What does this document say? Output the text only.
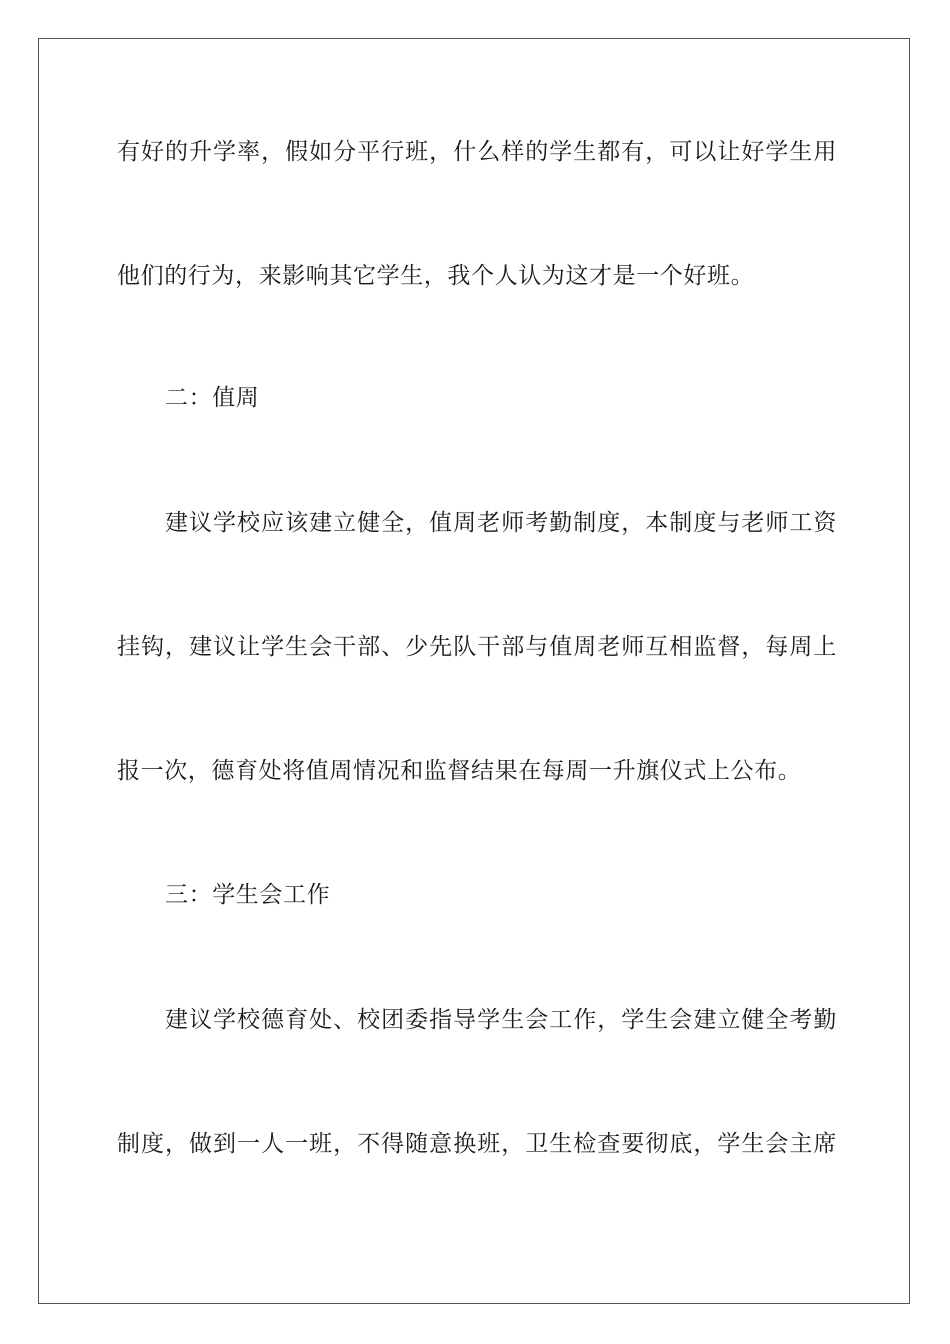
有好的升学率，假如分平行班，什么样的学生都有，可以让好学生用
他们的行为，来影响其它学生，我个人认为这才是一个好班。
二：值周
建议学校应该建立健全，值周老师考勤制度，本制度与老师工资
挂钩，建议让学生会干部、少先队干部与值周老师互相监督，每周上
报一次，德育处将值周情况和监督结果在每周一升旗仪式上公布。
三：学生会工作
建议学校德育处、校团委指导学生会工作，学生会建立健全考勤
制度，做到一人一班，不得随意换班，卫生检查要彻底，学生会主席
